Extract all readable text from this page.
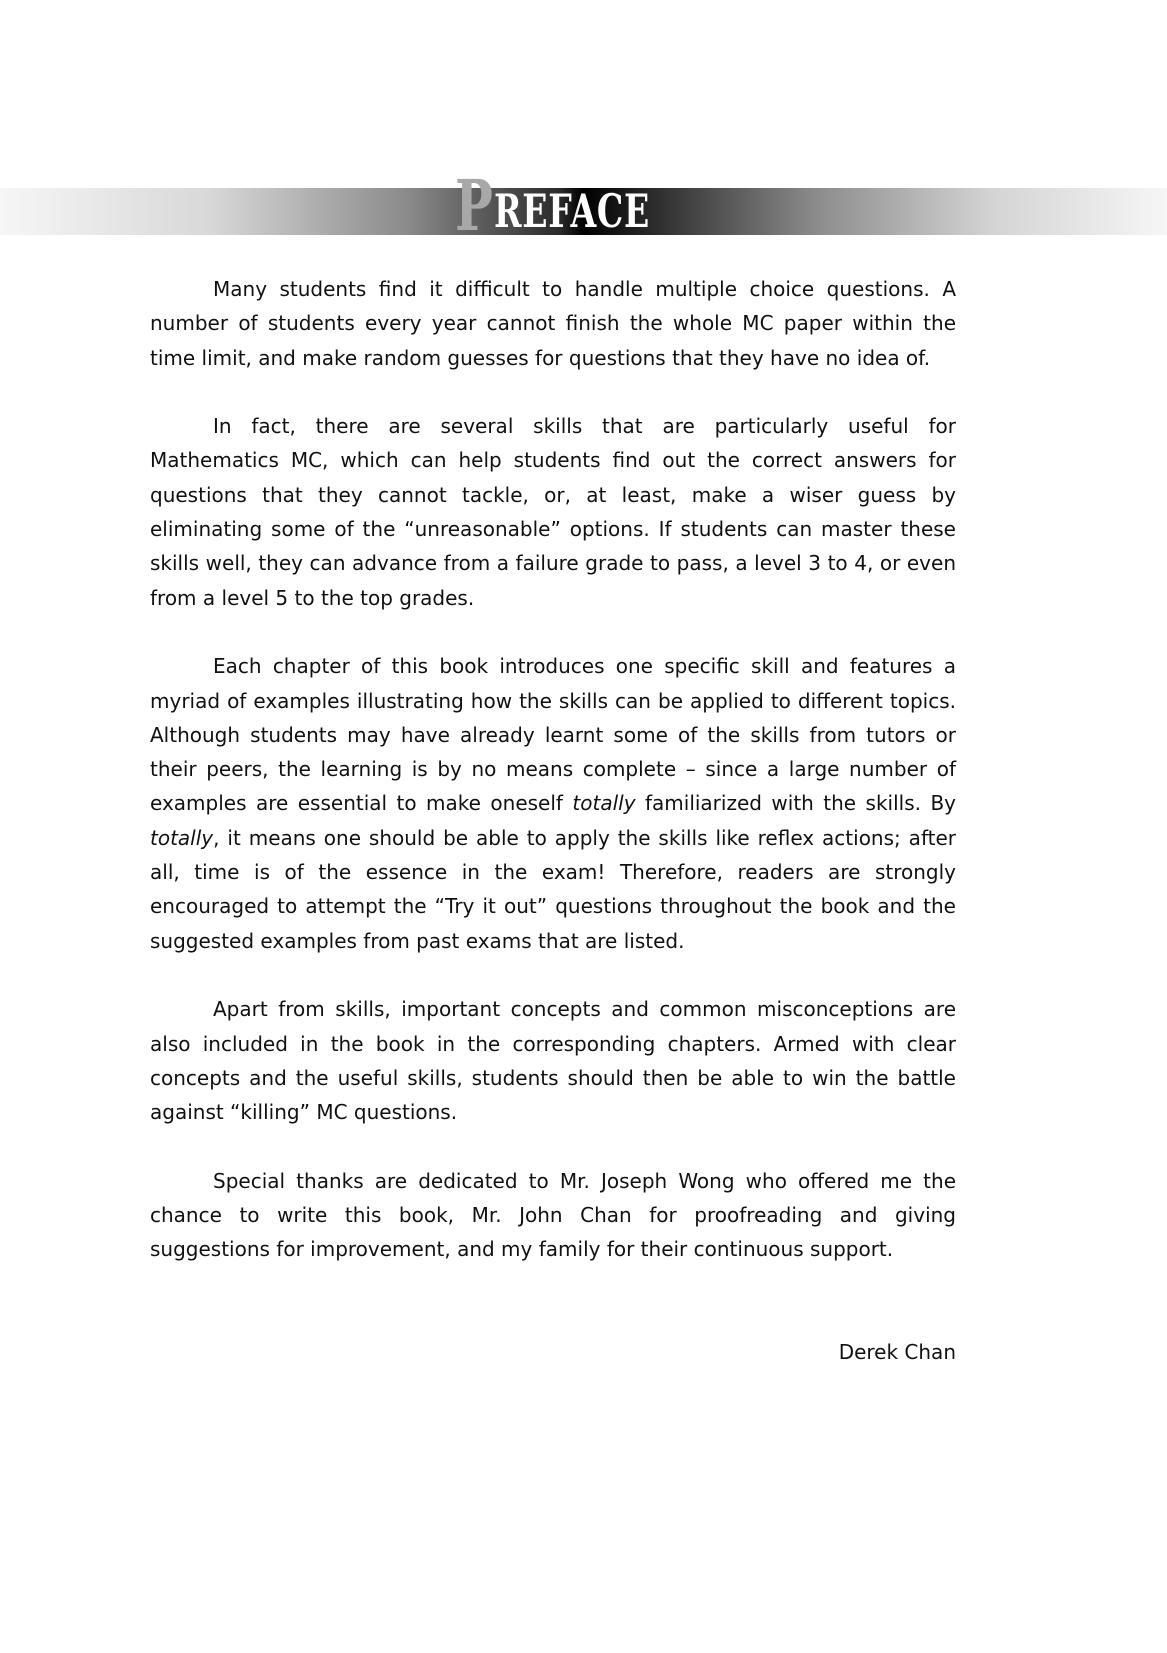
P REFACE

Many students find it difficult to handle multiple choice questions. A number of students every year cannot finish the whole MC paper within the time limit, and make random guesses for questions that they have no idea of.

In fact, there are several skills that are particularly useful for Mathematics MC, which can help students find out the correct answers for questions that they cannot tackle, or, at least, make a wiser guess by eliminating some of the “unreasonable” options. If students can master these skills well, they can advance from a failure grade to pass, a level 3 to 4, or even from a level 5 to the top grades.

Each chapter of this book introduces one specific skill and features a myriad of examples illustrating how the skills can be applied to different topics. Although students may have already learnt some of the skills from tutors or their peers, the learning is by no means complete – since a large number of examples are essential to make oneself totally familiarized with the skills. By totally, it means one should be able to apply the skills like reflex actions; after all, time is of the essence in the exam! Therefore, readers are strongly encouraged to attempt the “Try it out” questions throughout the book and the suggested examples from past exams that are listed.

Apart from skills, important concepts and common misconceptions are also included in the book in the corresponding chapters. Armed with clear concepts and the useful skills, students should then be able to win the battle against “killing” MC questions.

Special thanks are dedicated to Mr. Joseph Wong who offered me the chance to write this book, Mr. John Chan for proofreading and giving suggestions for improvement, and my family for their continuous support.

Derek Chan
